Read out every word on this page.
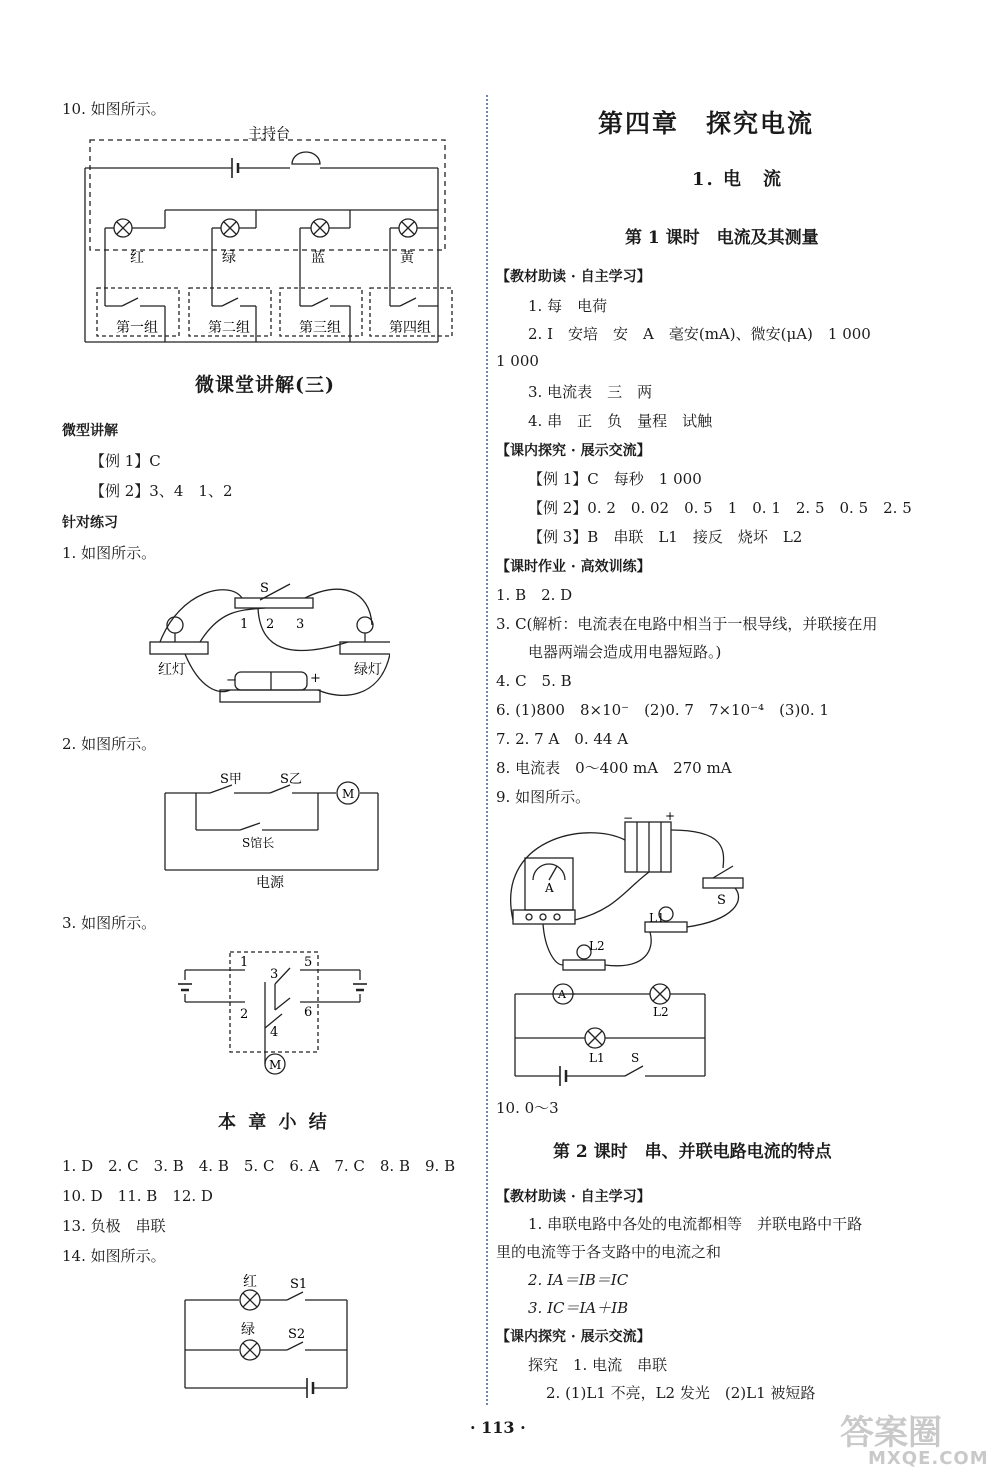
10. 如图所示。
主持台
红	绿	蓝	黄
第一组	第二组	第三组	第四组
微课堂讲解(三)
微型讲解
【例 1】C
【例 2】3、4　1、2
针对练习
1. 如图所示。
S
1 2 3
红灯	绿灯
−	+
2. 如图所示。
S甲	S乙
S馆长
M
电源
3. 如图所示。
1
2
3
4
5
6
M
本 章 小 结
1. D　2. C　3. B　4. B　5. C　6. A　7. C　8. B　9. B
10. D　11. B　12. D
13. 负极　串联
14. 如图所示。
红	S1
绿	S2
第四章　探究电流
1. 电　流
第 1 课时　电流及其测量
【教材助读 · 自主学习】
1. 每　电荷
2. I　安培　安　A　毫安(mA)、微安(μA)　1 000
1 000
3. 电流表　三　两
4. 串　正　负　量程　试触
【课内探究 · 展示交流】
【例 1】C　每秒　1 000
【例 2】0. 2　0. 02　0. 5　1　0. 1　2. 5　0. 5　2. 5
【例 3】B　串联　L1　接反　烧坏　L2
【课时作业 · 高效训练】
1. B　2. D
3. C(解析：电流表在电路中相当于一根导线，并联接在用
电器两端会造成用电器短路。)
4. C　5. B
6. (1)800　8×10⁻　(2)0. 7　7×10⁻⁴　(3)0. 1
7. 2. 7 A　0. 44 A
8. 电流表　0～400 mA　270 mA
9. 如图所示。
A
−	+
L1
L2
S
A
L2
L1 S
10. 0～3
第 2 课时　串、并联电路电流的特点
【教材助读 · 自主学习】
1. 串联电路中各处的电流都相等　并联电路中干路
里的电流等于各支路中的电流之和
2. IA＝IB＝IC
3. IC＝IA＋IB
【课内探究 · 展示交流】
探究　1. 电流　串联
2. (1)L1 不亮，L2 发光　(2)L1 被短路
· 113 ·	答案圈
MXQE.COM
